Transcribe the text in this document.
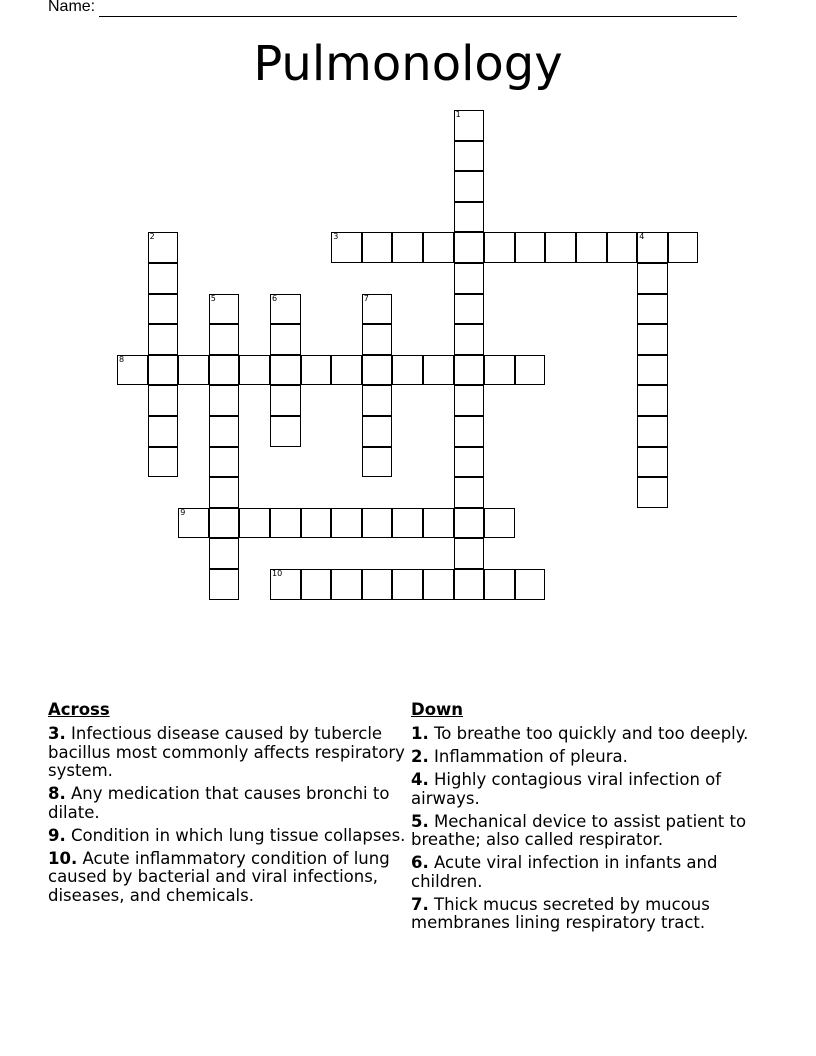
Name:
Pulmonology
1
2	3	4
5	6	7
8
9
10
Across
3. Infectious disease caused by tubercle bacillus most commonly affects respiratory system.
8. Any medication that causes bronchi to dilate.
9. Condition in which lung tissue collapses.
10. Acute inflammatory condition of lung caused by bacterial and viral infections, diseases, and chemicals.
Down
1. To breathe too quickly and too deeply.
2. Inflammation of pleura.
4. Highly contagious viral infection of airways.
5. Mechanical device to assist patient to breathe; also called respirator.
6. Acute viral infection in infants and children.
7. Thick mucus secreted by mucous membranes lining respiratory tract.
